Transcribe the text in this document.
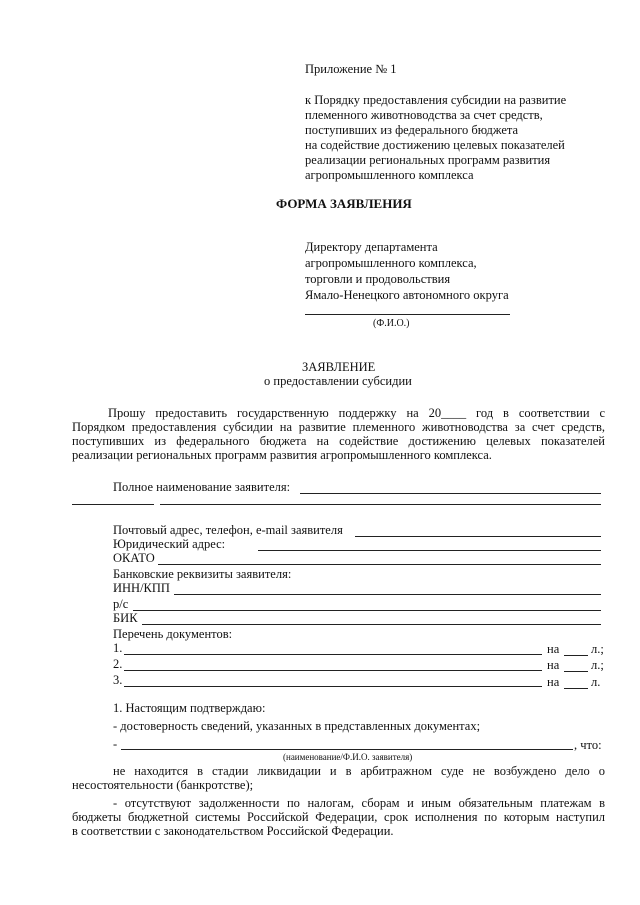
Приложение № 1
к Порядку предоставления субсидии на развитие
племенного животноводства за счет средств,
поступивших из федерального бюджета
на содействие достижению целевых показателей
реализации региональных программ развития
агропромышленного комплекса
ФОРМА ЗАЯВЛЕНИЯ
Директору департамента
агропромышленного комплекса,
торговли и продовольствия
Ямало-Ненецкого автономного округа
(Ф.И.О.)
ЗАЯВЛЕНИЕ
о предоставлении субсидии
Прошу предоставить государственную поддержку на 20____ год в соответствии с
Порядком предоставления субсидии на развитие племенного животноводства за счет средств,
поступивших из федерального бюджета на содействие достижению целевых показателей
реализации региональных программ развития агропромышленного комплекса.
Полное наименование заявителя:
Почтовый адрес, телефон, e-mail заявителя
Юридический адрес:
ОКАТО
Банковские реквизиты заявителя:
ИНН/КПП
р/с
БИК
Перечень документов:
1.	на	л.;
2.	на	л.;
3.	на	л.
1. Настоящим подтверждаю:
- достоверность сведений, указанных в представленных документах;
-	, что:
(наименование/Ф.И.О. заявителя)
не находится в стадии ликвидации и в арбитражном суде не возбуждено дело о
несостоятельности (банкротстве);
- отсутствуют задолженности по налогам, сборам и иным обязательным платежам в
бюджеты бюджетной системы Российской Федерации, срок исполнения по которым наступил
в соответствии с законодательством Российской Федерации.
